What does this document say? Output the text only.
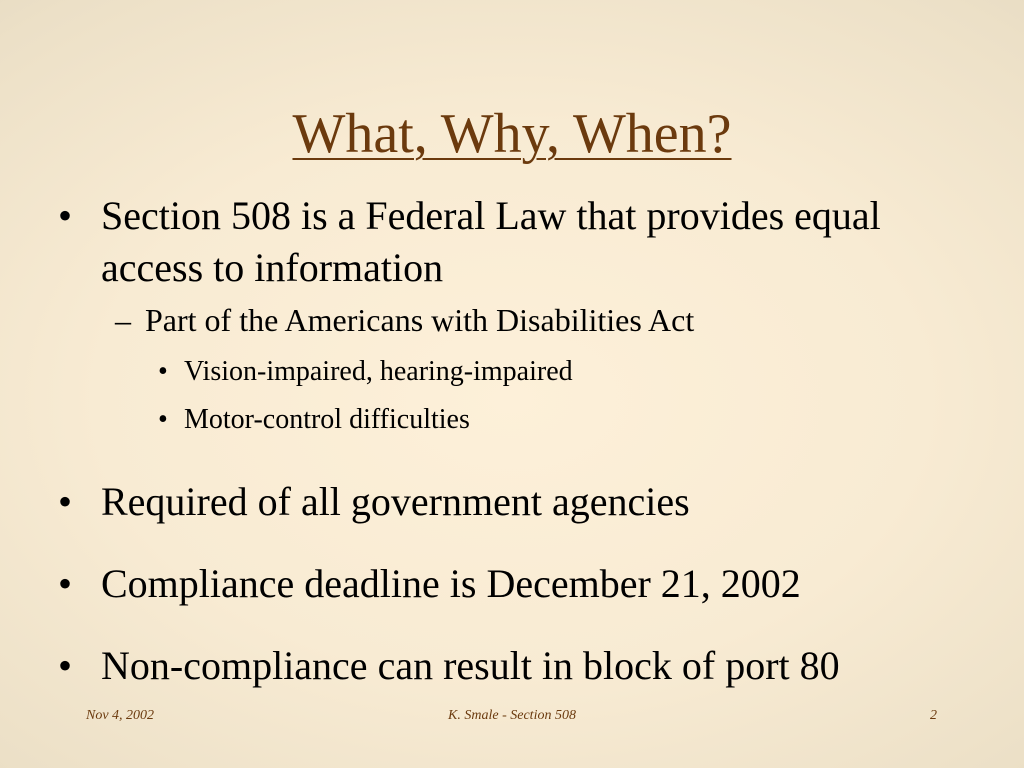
What, Why, When?
• Section 508 is a Federal Law that provides equal access to information
– Part of the Americans with Disabilities Act
• Vision-impaired, hearing-impaired
• Motor-control difficulties
• Required of all government agencies
• Compliance deadline is December 21, 2002
• Non-compliance can result in block of port 80
Nov 4, 2002	K. Smale - Section 508	2
